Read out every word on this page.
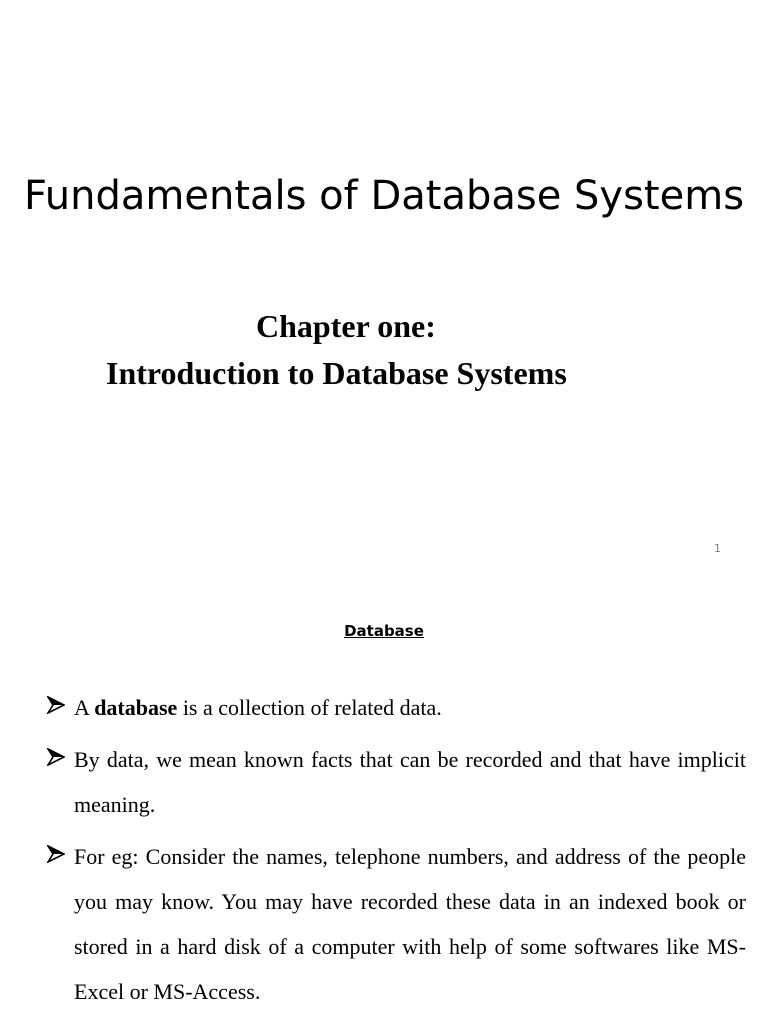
Fundamentals of Database Systems
Chapter one:
Introduction to Database Systems
1
Database
A database is a collection of related data.
By data, we mean known facts that can be recorded and that have implicit meaning.
For eg: Consider the names, telephone numbers, and address of the people you may know. You may have recorded these data in an indexed book or stored in a hard disk of a computer with help of some softwares like MS-Excel or MS-Access.
